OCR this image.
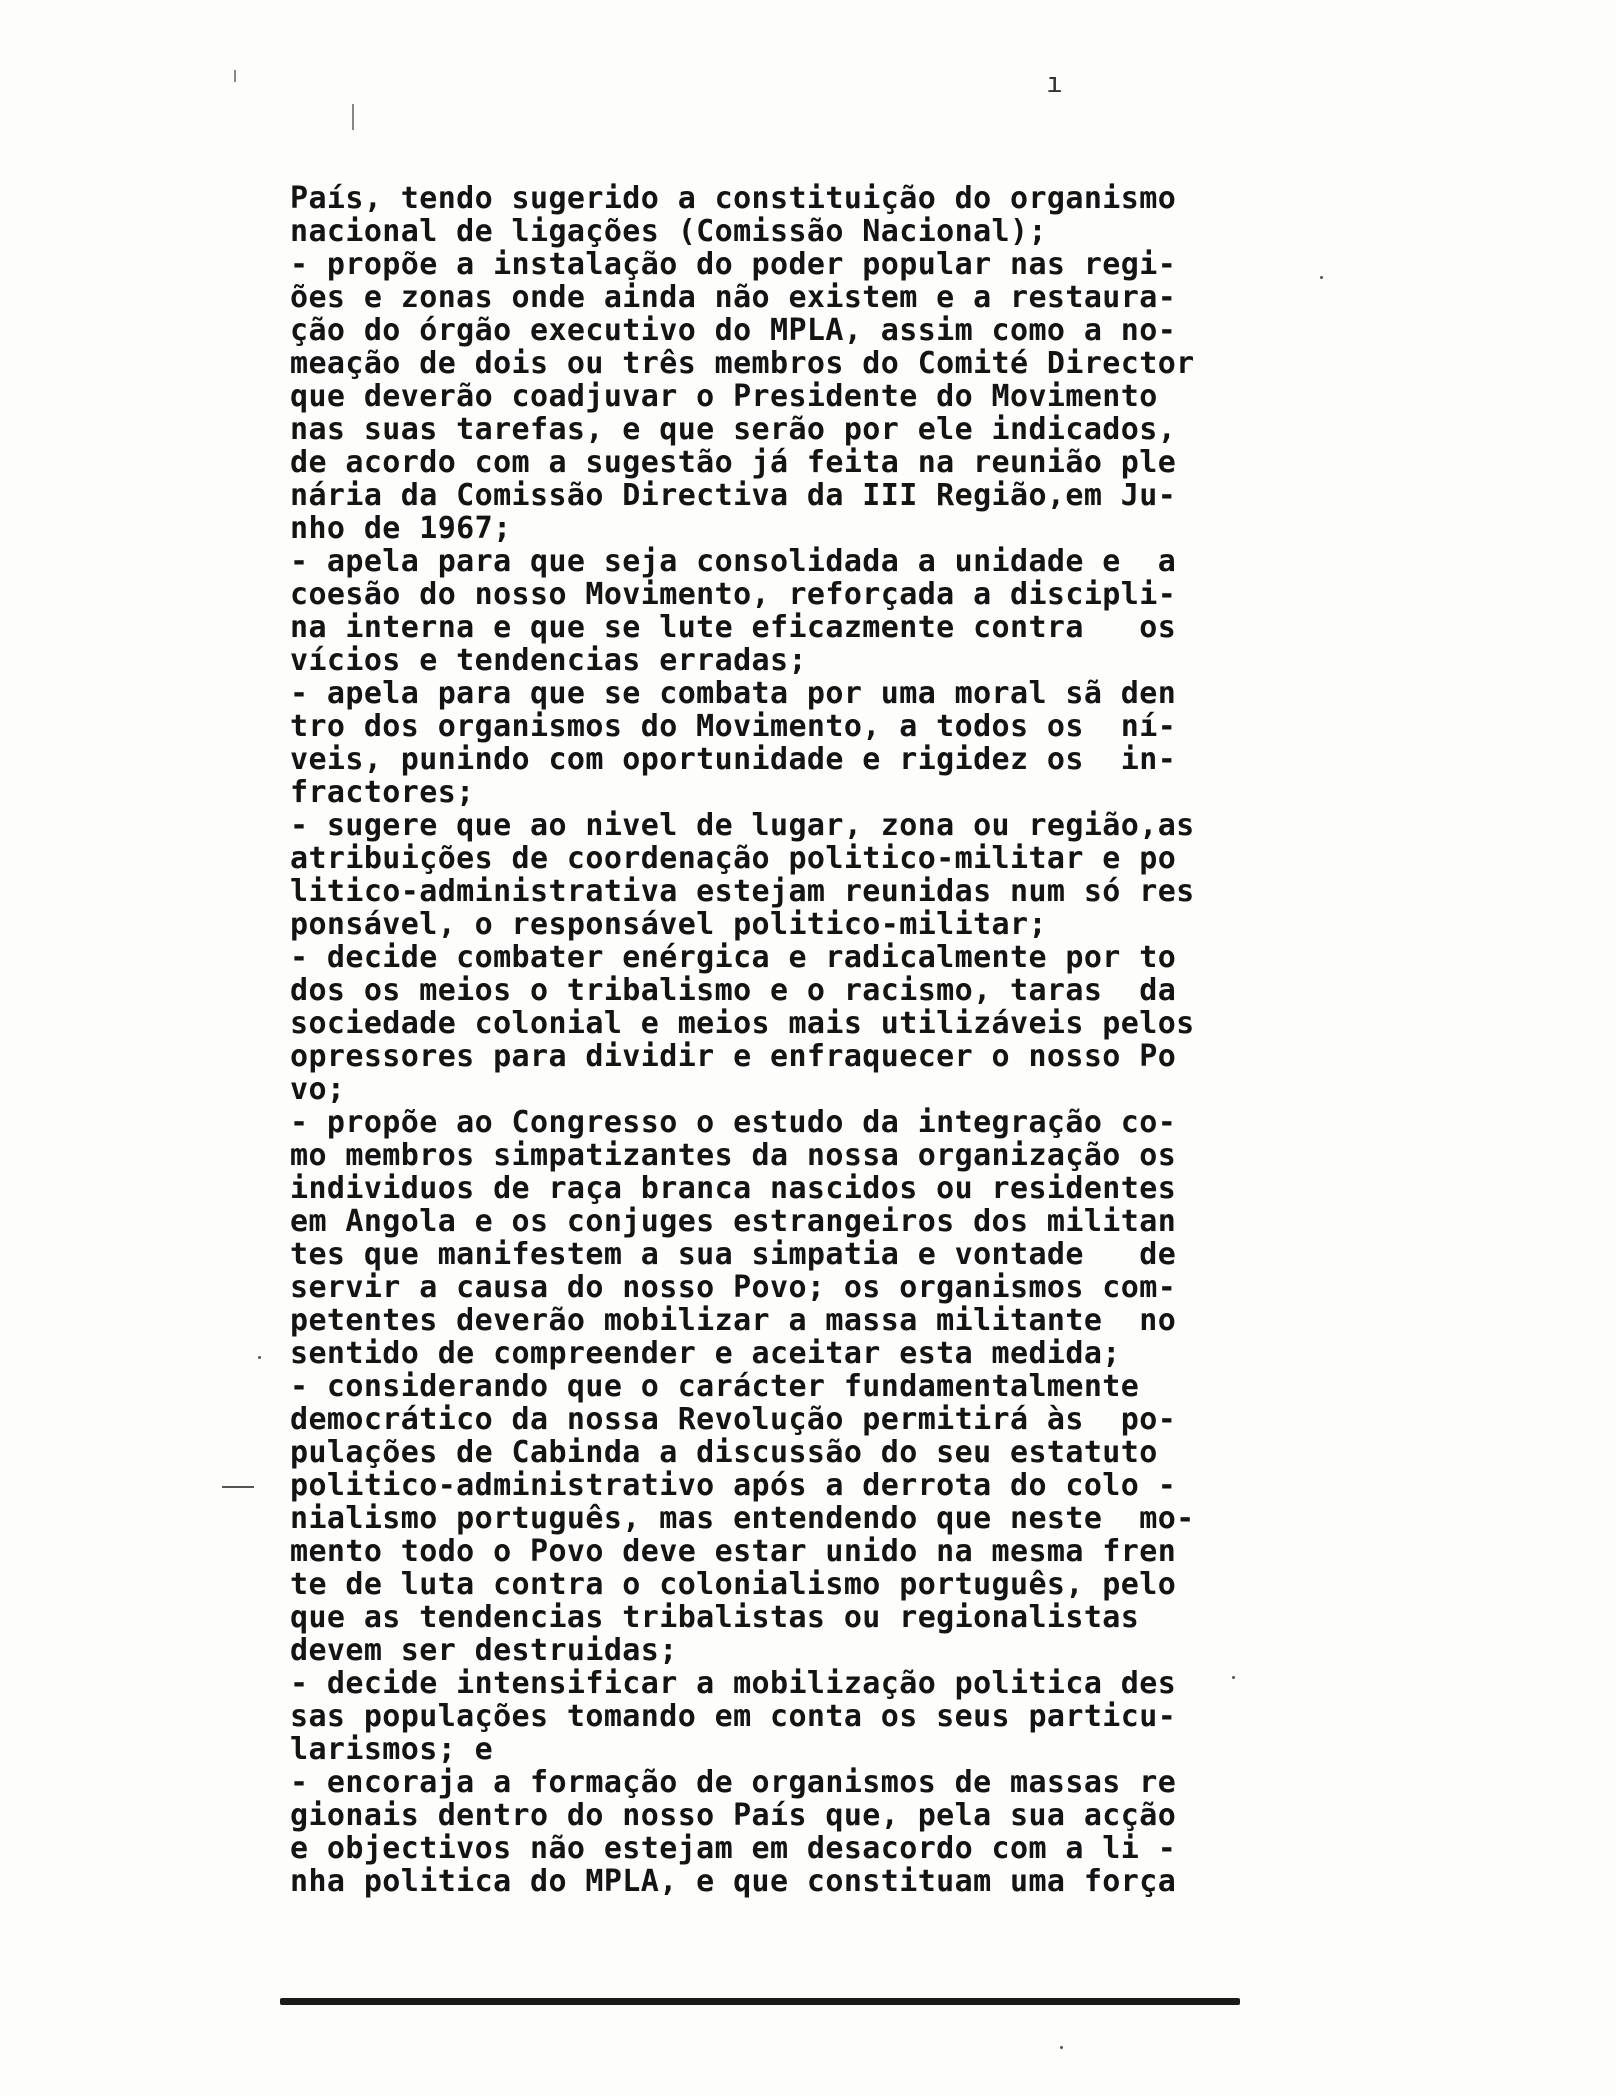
ı
País, tendo sugerido a constituição do organismo
nacional de ligações (Comissão Nacional);
- propõe a instalação do poder popular nas regi-
ões e zonas onde ainda não existem e a restaura-
ção do órgão executivo do MPLA, assim como a no-
meação de dois ou três membros do Comité Director
que deverão coadjuvar o Presidente do Movimento
nas suas tarefas, e que serão por ele indicados,
de acordo com a sugestão já feita na reunião ple
nária da Comissão Directiva da III Região,em Ju-
nho de 1967;
- apela para que seja consolidada a unidade e  a
coesão do nosso Movimento, reforçada a discipli-
na interna e que se lute eficazmente contra   os
vícios e tendencias erradas;
- apela para que se combata por uma moral sã den
tro dos organismos do Movimento, a todos os  ní-
veis, punindo com oportunidade e rigidez os  in-
fractores;
- sugere que ao nivel de lugar, zona ou região,as
atribuições de coordenação politico-militar e po
litico-administrativa estejam reunidas num só res
ponsável, o responsável politico-militar;
- decide combater enérgica e radicalmente por to
dos os meios o tribalismo e o racismo, taras  da
sociedade colonial e meios mais utilizáveis pelos
opressores para dividir e enfraquecer o nosso Po
vo;
- propõe ao Congresso o estudo da integração co-
mo membros simpatizantes da nossa organização os
individuos de raça branca nascidos ou residentes
em Angola e os conjuges estrangeiros dos militan
tes que manifestem a sua simpatia e vontade   de
servir a causa do nosso Povo; os organismos com-
petentes deverão mobilizar a massa militante  no
sentido de compreender e aceitar esta medida;
- considerando que o carácter fundamentalmente
democrático da nossa Revolução permitirá às  po-
pulações de Cabinda a discussão do seu estatuto
politico-administrativo após a derrota do colo -
nialismo português, mas entendendo que neste  mo-
mento todo o Povo deve estar unido na mesma fren
te de luta contra o colonialismo português, pelo
que as tendencias tribalistas ou regionalistas
devem ser destruidas;
- decide intensificar a mobilização politica des
sas populações tomando em conta os seus particu-
larismos; e
- encoraja a formação de organismos de massas re
gionais dentro do nosso País que, pela sua acção
e objectivos não estejam em desacordo com a li -
nha politica do MPLA, e que constituam uma força
